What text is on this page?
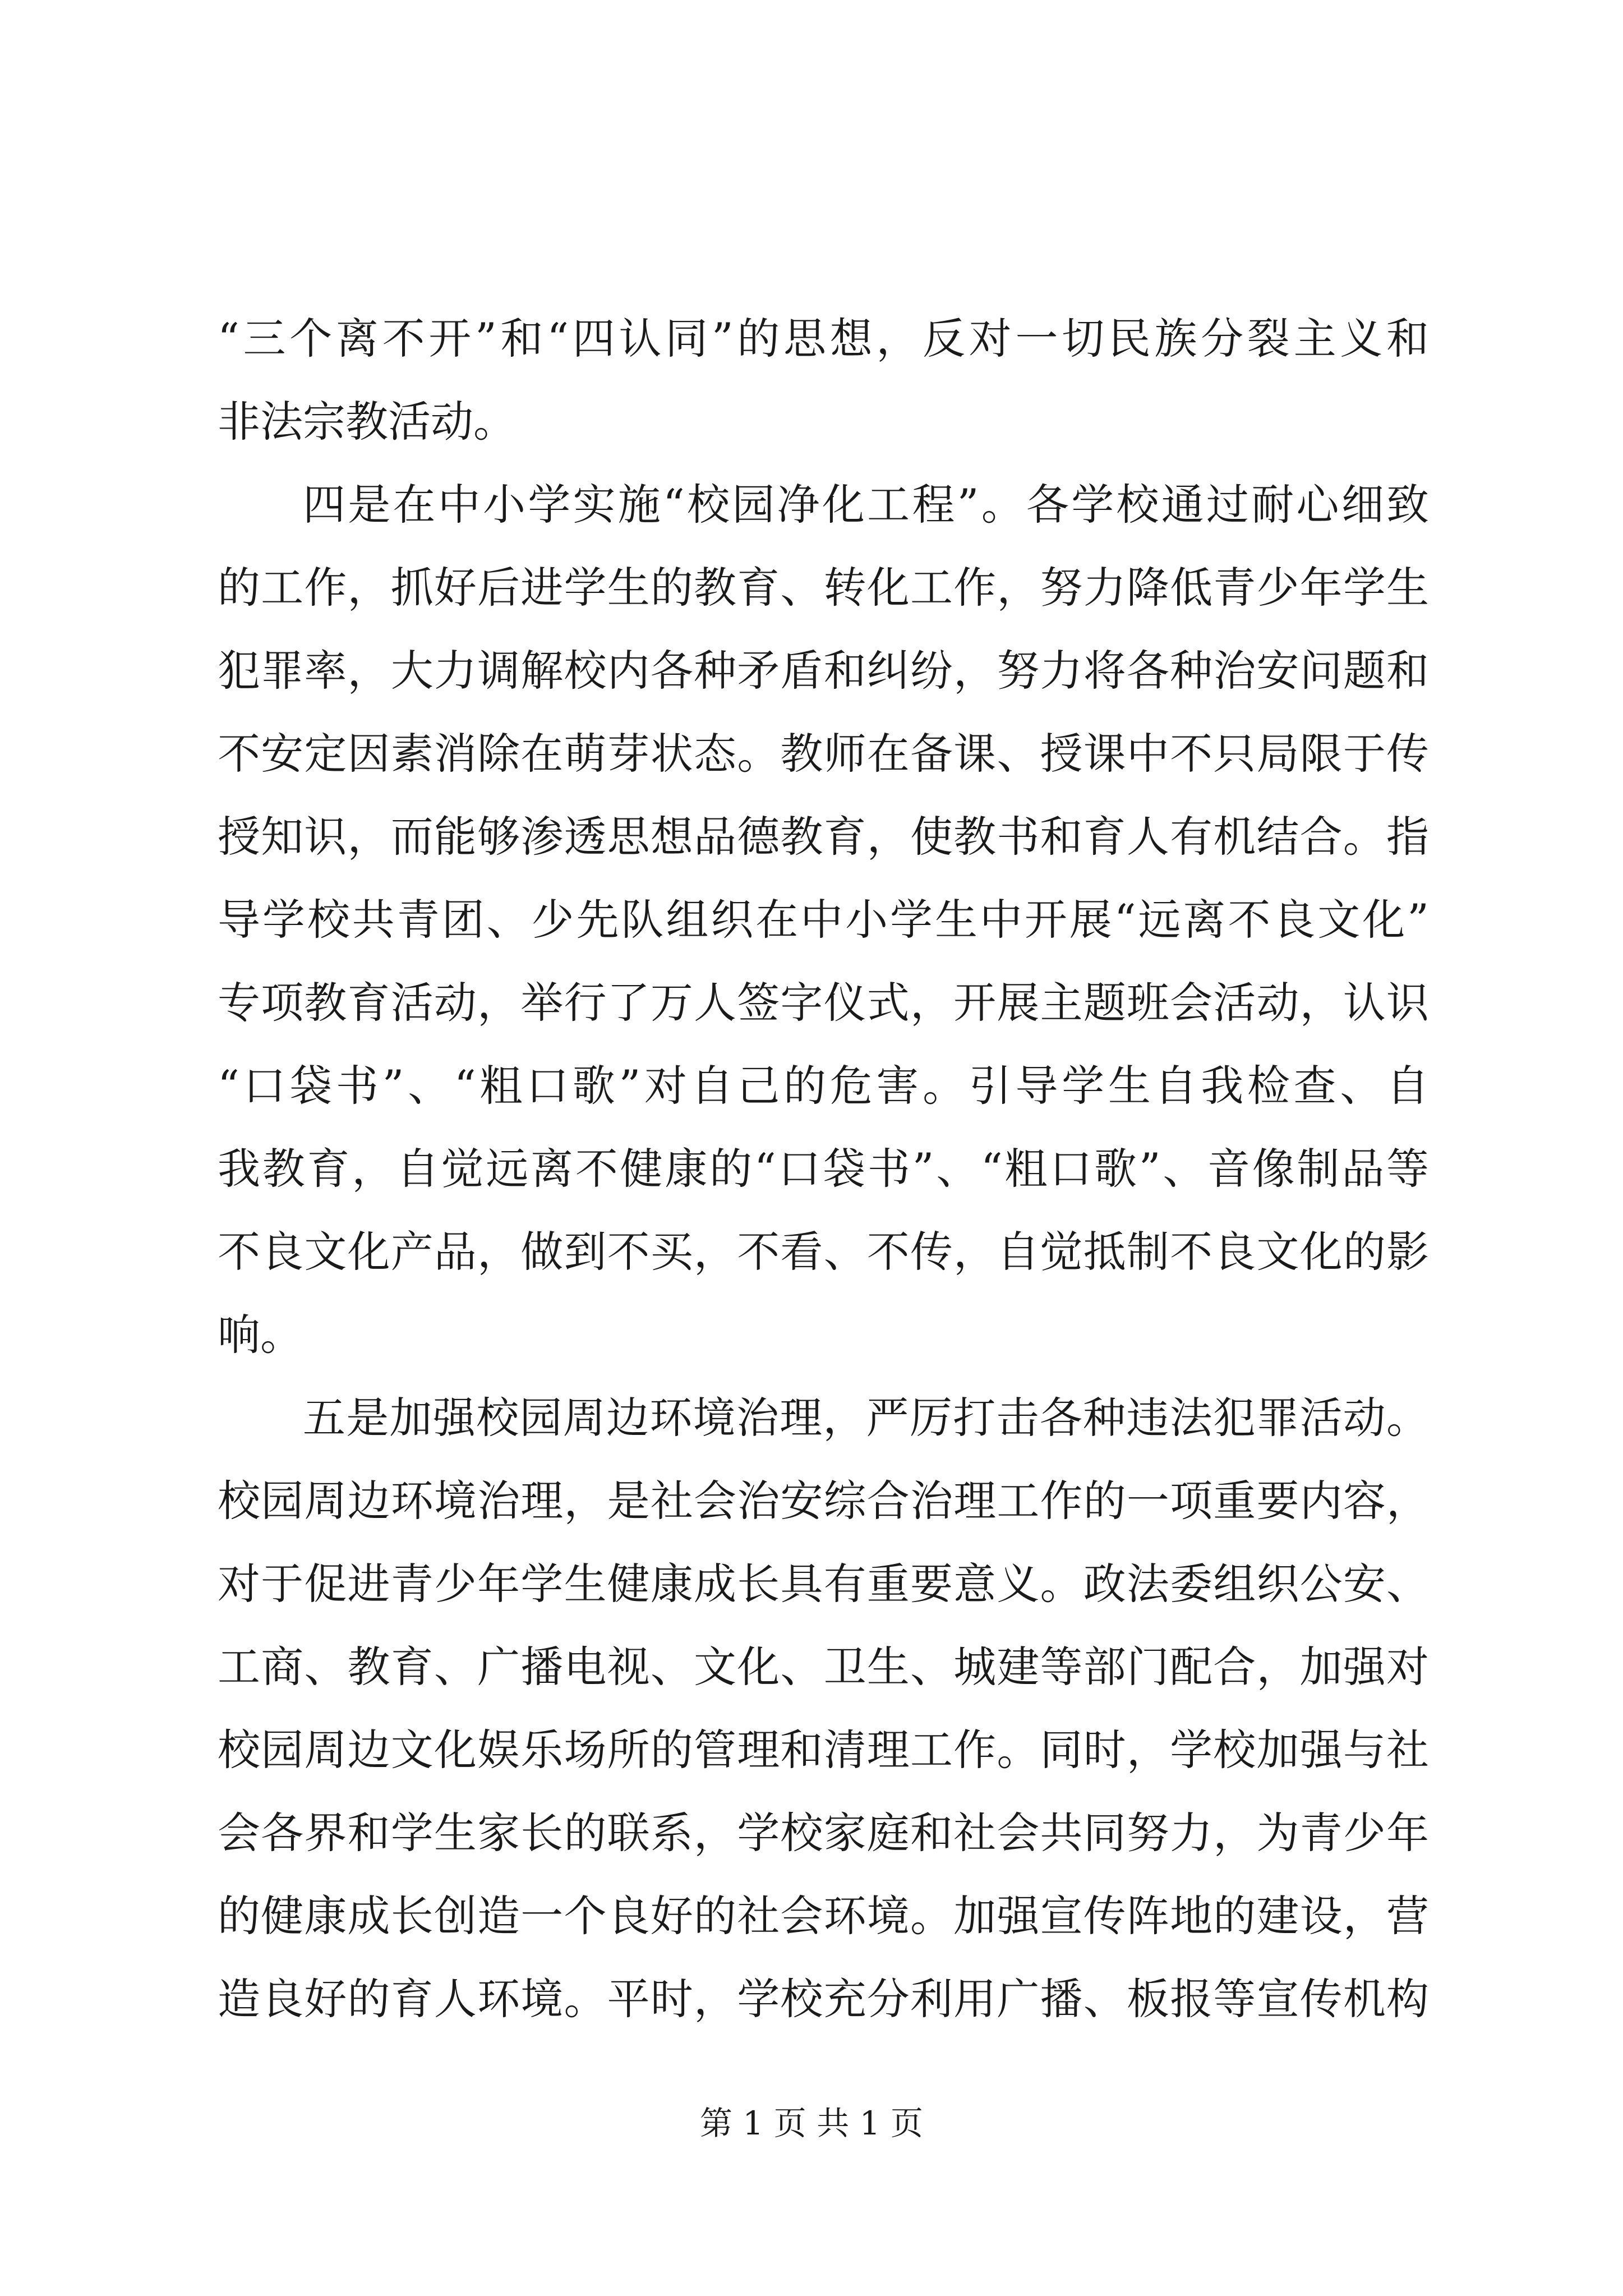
“三个离不开”和“四认同”的思想，反对一切民族分裂主义和
非法宗教活动。
四是在中小学实施“校园净化工程”。各学校通过耐心细致
的工作，抓好后进学生的教育、转化工作，努力降低青少年学生
犯罪率，大力调解校内各种矛盾和纠纷，努力将各种治安问题和
不安定因素消除在萌芽状态。教师在备课、授课中不只局限于传
授知识，而能够渗透思想品德教育，使教书和育人有机结合。指
导学校共青团、少先队组织在中小学生中开展“远离不良文化”
专项教育活动，举行了万人签字仪式，开展主题班会活动，认识
“口袋书”、“粗口歌”对自己的危害。引导学生自我检查、自
我教育，自觉远离不健康的“口袋书”、“粗口歌”、音像制品等
不良文化产品，做到不买，不看、不传，自觉抵制不良文化的影
响。
五是加强校园周边环境治理，严厉打击各种违法犯罪活动。
校园周边环境治理，是社会治安综合治理工作的一项重要内容，
对于促进青少年学生健康成长具有重要意义。政法委组织公安、
工商、教育、广播电视、文化、卫生、城建等部门配合，加强对
校园周边文化娱乐场所的管理和清理工作。同时，学校加强与社
会各界和学生家长的联系，学校家庭和社会共同努力，为青少年
的健康成长创造一个良好的社会环境。加强宣传阵地的建设，营
造良好的育人环境。平时，学校充分利用广播、板报等宣传机构
第 1 页 共 1 页
